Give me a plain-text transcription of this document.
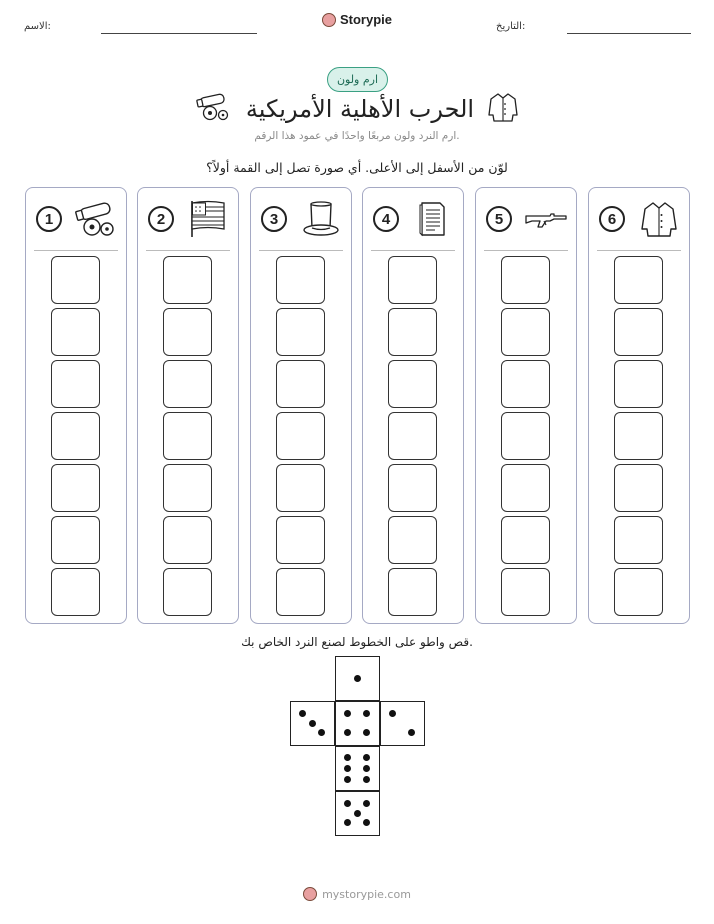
الاسم:	Storypie	التاريخ:
ارم ولون
الحرب الأهلية الأمريكية
ارم النرد ولون مربعًا واحدًا في عمود هذا الرقم.
لوّن من الأسفل إلى الأعلى. أي صورة تصل إلى القمة أولاً؟
1	2	3	4	5	6
قص واطو على الخطوط لصنع النرد الخاص بك.
mystorypie.com
